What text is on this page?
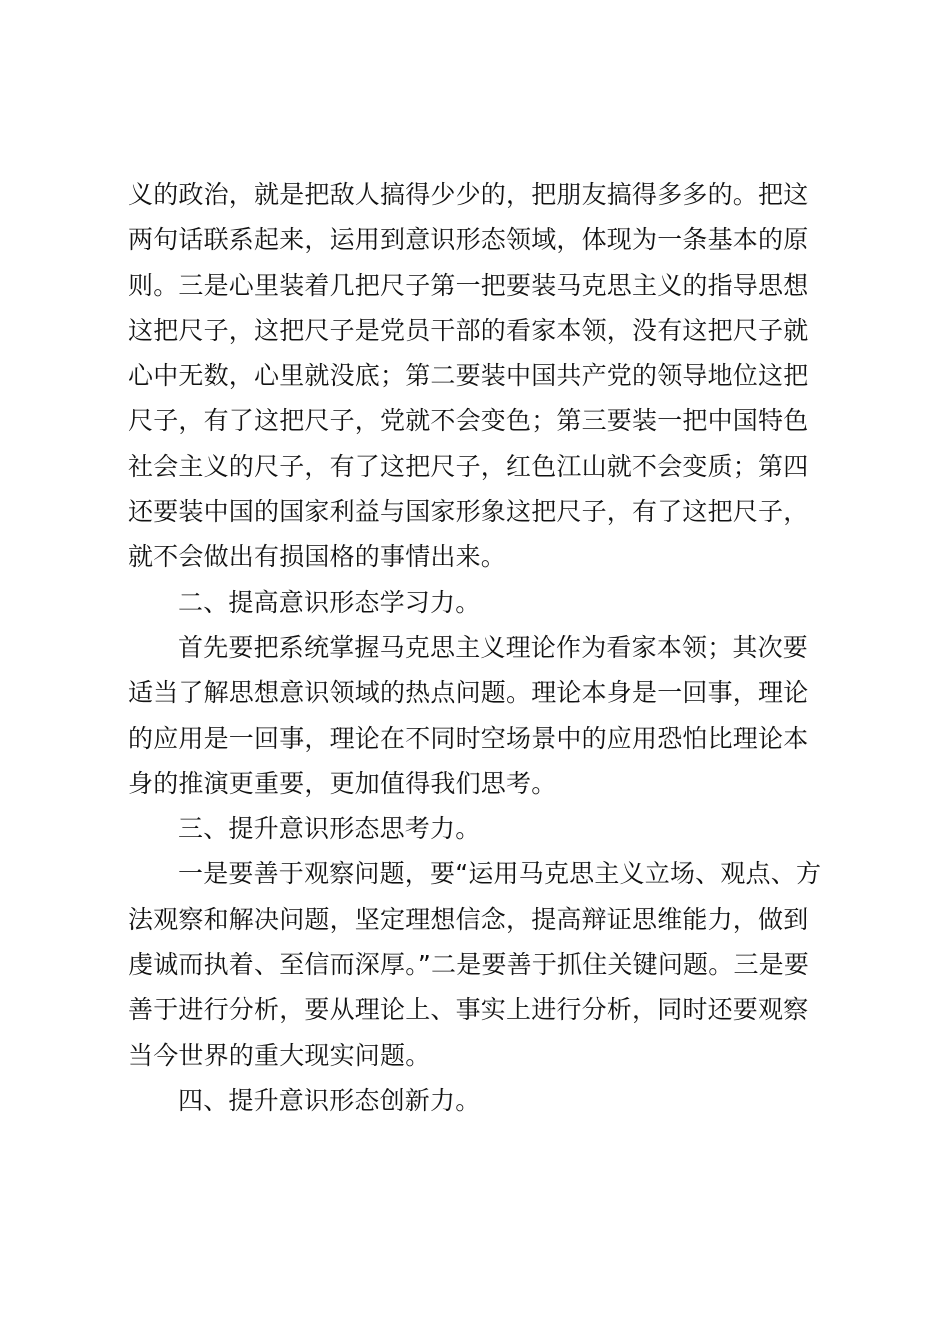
义的政治，就是把敌人搞得少少的，把朋友搞得多多的。把这
两句话联系起来，运用到意识形态领域，体现为一条基本的原
则。三是心里装着几把尺子第一把要装马克思主义的指导思想
这把尺子，这把尺子是党员干部的看家本领，没有这把尺子就
心中无数，心里就没底；第二要装中国共产党的领导地位这把
尺子，有了这把尺子，党就不会变色；第三要装一把中国特色
社会主义的尺子，有了这把尺子，红色江山就不会变质；第四
还要装中国的国家利益与国家形象这把尺子，有了这把尺子，
就不会做出有损国格的事情出来。
二、提高意识形态学习力。
首先要把系统掌握马克思主义理论作为看家本领；其次要
适当了解思想意识领域的热点问题。理论本身是一回事，理论
的应用是一回事，理论在不同时空场景中的应用恐怕比理论本
身的推演更重要，更加值得我们思考。
三、提升意识形态思考力。
一是要善于观察问题，要“运用马克思主义立场、观点、方
法观察和解决问题，坚定理想信念，提高辩证思维能力，做到
虔诚而执着、至信而深厚。”二是要善于抓住关键问题。三是要
善于进行分析，要从理论上、事实上进行分析，同时还要观察
当今世界的重大现实问题。
四、提升意识形态创新力。
